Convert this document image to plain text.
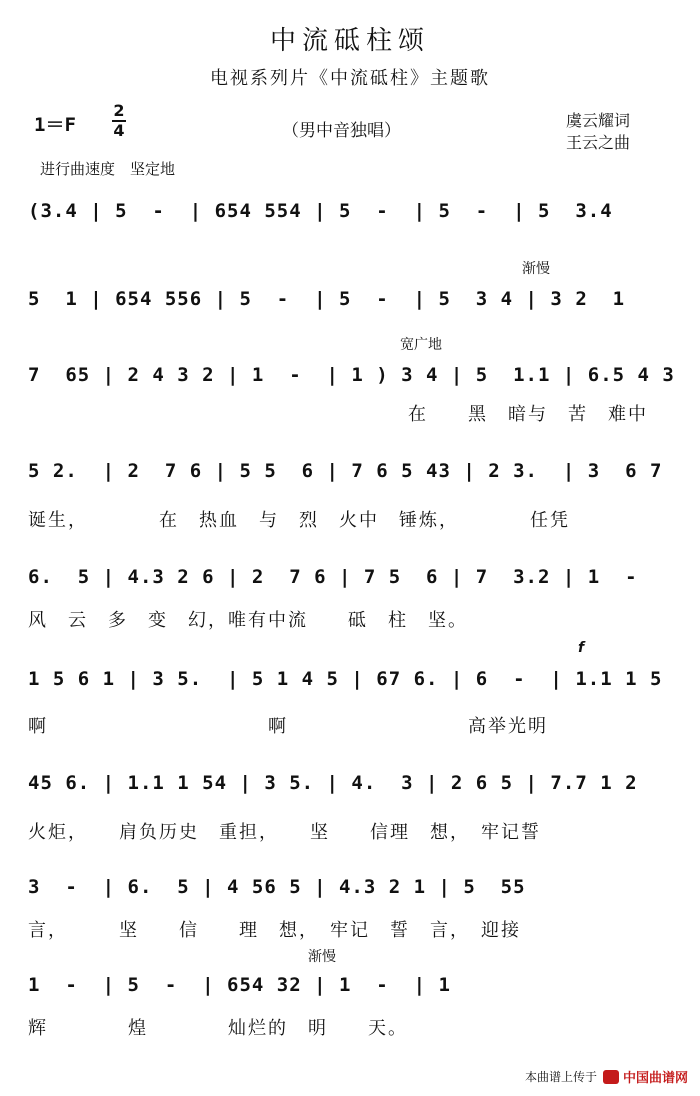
中流砥柱颂
电视系列片《中流砥柱》主题歌
1＝F
2
4	（男中音独唱）
虞云耀词
王云之曲
进行曲速度　坚定地
(3.4 | 5  -  | 654 554 | 5  -  | 5  -  | 5  3.4
渐慢
5  1 | 654 556 | 5  -  | 5  -  | 5  3 4 | 3 2  1
宽广地
7  65 | 2 4 3 2 | 1  -  | 1 ) 3 4 | 5  1.1 | 6.5 4 3
在　　黑　暗与　苦　难中
5 2.  | 2  7 6 | 5 5  6 | 7 6 5 43 | 2 3.  | 3  6 7
诞生，　　　　在　热血　与　烈　火中　锤炼，　　　　任凭
6.  5 | 4.3 2 6 | 2  7 6 | 7 5  6 | 7  3.2 | 1  -
风　云　多　变　幻，唯有中流　　砥　柱　坚。
f
1 5 6 1 | 3 5.  | 5 1 4 5 | 67 6. | 6  -  | 1.1 1 5
啊　　　　　　　　　　　啊　　　　　　　　　高举光明
45 6. | 1.1 1 54 | 3 5. | 4.  3 | 2 6 5 | 7.7 1 2
火炬，　　肩负历史　重担，　　坚　　信理　想，　牢记誓
3  -  | 6.  5 | 4 56 5 | 4.3 2 1 | 5  55
言，　　　坚　　信　　理　想，　牢记　誓　言，　迎接
渐慢
1  -  | 5  -  | 654 32 | 1  -  | 1
辉　　　　煌　　　　灿烂的　明　　天。
本曲谱上传于 中国曲谱网
